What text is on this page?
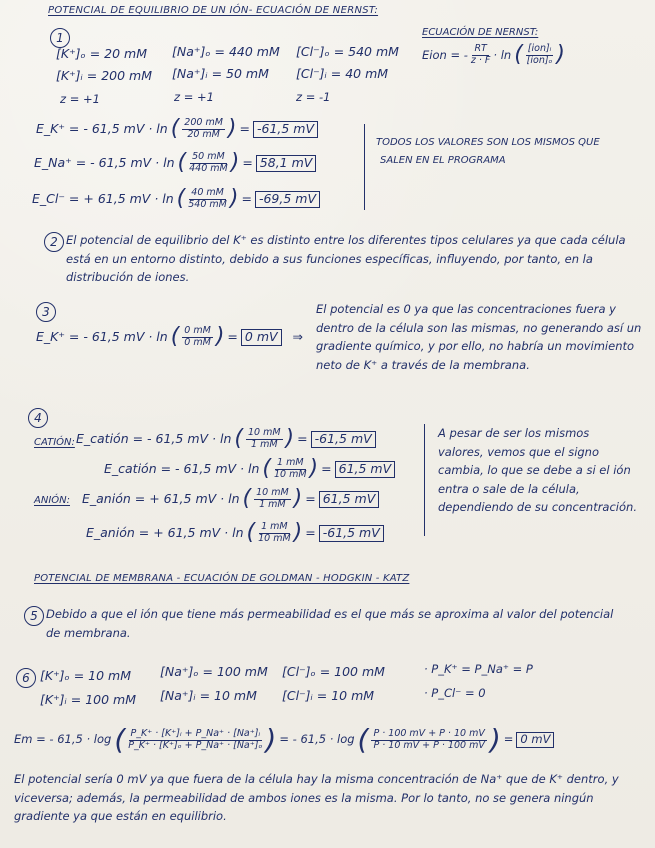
POTENCIAL DE EQUILIBRIO DE UN IÓN- ECUACIÓN DE NERNST:
1
[K⁺]ₒ = 20 mM [Na⁺]ₒ = 440 mM [Cl⁻]ₒ = 540 mM
[K⁺]ᵢ = 200 mM [Na⁺]ᵢ = 50 mM [Cl⁻]ᵢ = 40 mM
z = +1	z = +1	z = -1
ECUACIÓN DE NERNST:
Eion = - $\frac{RT}{z \cdot F} \cdot \ln$ ( $\frac{\text{[ion]ᵢ}}{\text{[ion]ₒ}}$ )
E_K⁺ = - 61,5 mV · ln ( $\frac{200 mM}{20 mM}$ ) = -61,5 mV
E_Na⁺ = - 61,5 mV · ln ( $\frac{50 mM}{440 mM}$ ) = 58,1 mV
E_Cl⁻ = + 61,5 mV · ln ( $\frac{40 mM}{540 mM}$ ) = -69,5 mV
TODOS LOS VALORES SON LOS MISMOS QUE
SALEN EN EL PROGRAMA
2 El potencial de equilibrio del K⁺ es distinto entre los diferentes tipos celulares ya que cada célula está en un entorno distinto, debido a sus funciones específicas, influyendo, por tanto, en la distribución de iones.
3
E_K⁺ = - 61,5 mV · ln ( $\frac{0 mM}{0 mM}$ ) = 0 mV	⇒
El potencial es 0 ya que las concentraciones fuera y dentro de la célula son las mismas, no generando así un gradiente químico, y por ello, no habría un movimiento neto de K⁺ a través de la membrana.
4
CATIÓN: E_catión = - 61,5 mV · ln ( $\frac{10 mM}{1 mM}$ ) = -61,5 mV
E_catión = - 61,5 mV · ln ( $\frac{1 mM}{10 mM}$ ) = 61,5 mV
ANIÓN: E_anión = + 61,5 mV · ln ( $\frac{10 mM}{1 mM}$ ) = 61,5 mV
E_anión = + 61,5 mV · ln ( $\frac{1 mM}{10 mM}$ ) = -61,5 mV
A pesar de ser los mismos valores, vemos que el signo cambia, lo que se debe a si el ión entra o sale de la célula, dependiendo de su concentración.
POTENCIAL DE MEMBRANA - ECUACIÓN DE GOLDMAN - HODGKIN - KATZ
5 Debido a que el ión que tiene más permeabilidad es el que más se aproxima al valor del potencial de membrana.
6 [K⁺]ₒ = 10 mM [Na⁺]ₒ = 100 mM [Cl⁻]ₒ = 100 mM	· P_K⁺ = P_Na⁺ = P
[K⁺]ᵢ = 100 mM [Na⁺]ᵢ = 10 mM [Cl⁻]ᵢ = 10 mM	· P_Cl⁻ = 0
Em = - 61,5 · log ( $\frac{\text{P\_K⁺ · [K⁺]ᵢ + P\_Na⁺ · [Na⁺]ᵢ}}{\text{P\_K⁺ · [K⁺]ₒ + P\_Na⁺ · [Na⁺]ₒ}}$ ) = - 61,5 · log ( $\frac{P \cdot 100 mV + P \cdot 10 mV}{P \cdot 10 mV + P \cdot 100 mV}$ ) = 0 mV
El potencial sería 0 mV ya que fuera de la célula hay la misma concentración de Na⁺ que de K⁺ dentro, y viceversa; además, la permeabilidad de ambos iones es la misma. Por lo tanto, no se genera ningún gradiente ya que están en equilibrio.
